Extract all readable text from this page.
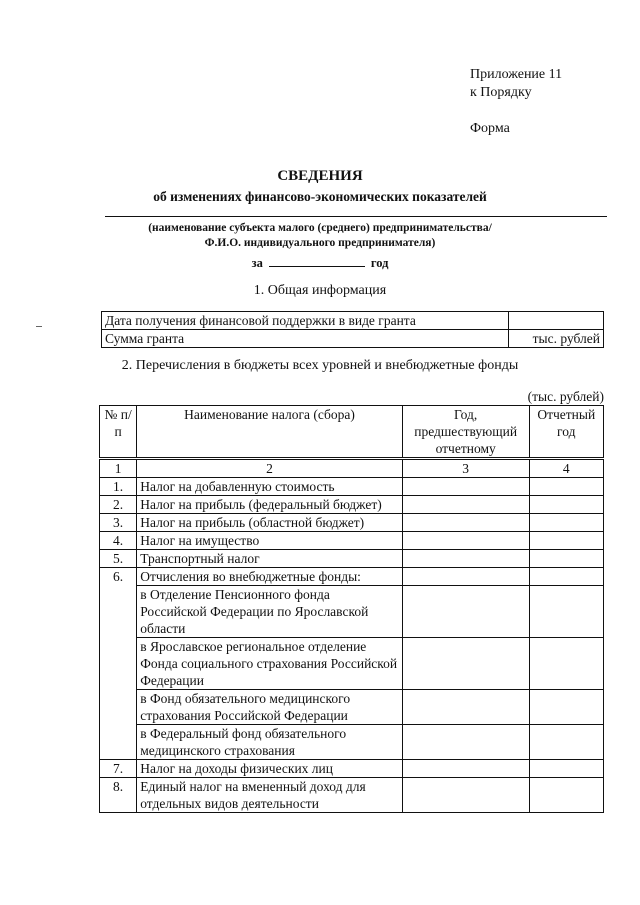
Приложение 11
к Порядку
Форма
СВЕДЕНИЯ
об изменениях финансово-экономических показателей
(наименование субъекта малого (среднего) предпринимательства/
Ф.И.О. индивидуального предпринимателя)
за	год
1. Общая информация
Дата получения финансовой поддержки в виде гранта	
Сумма гранта	тыс. рублей
2. Перечисления в бюджеты всех уровней и внебюджетные фонды
(тыс. рублей)
№ п/п	Наименование налога (сбора)	Год, предшествующий отчетному	Отчетный год
1	2	3	4
1.	Налог на добавленную стоимость		
2.	Налог на прибыль (федеральный бюджет)		
3.	Налог на прибыль (областной бюджет)		
4.	Налог на имущество		
5.	Транспортный налог		
6.	Отчисления во внебюджетные фонды:		
	в Отделение Пенсионного фонда Российской Федерации по Ярославской области		
	в Ярославское региональное отделение Фонда социального страхования Российской Федерации		
	в Фонд обязательного медицинского страхования Российской Федерации		
	в Федеральный фонд обязательного медицинского страхования		
7.	Налог на доходы физических лиц		
8.	Единый налог на вмененный доход для отдельных видов деятельности		
